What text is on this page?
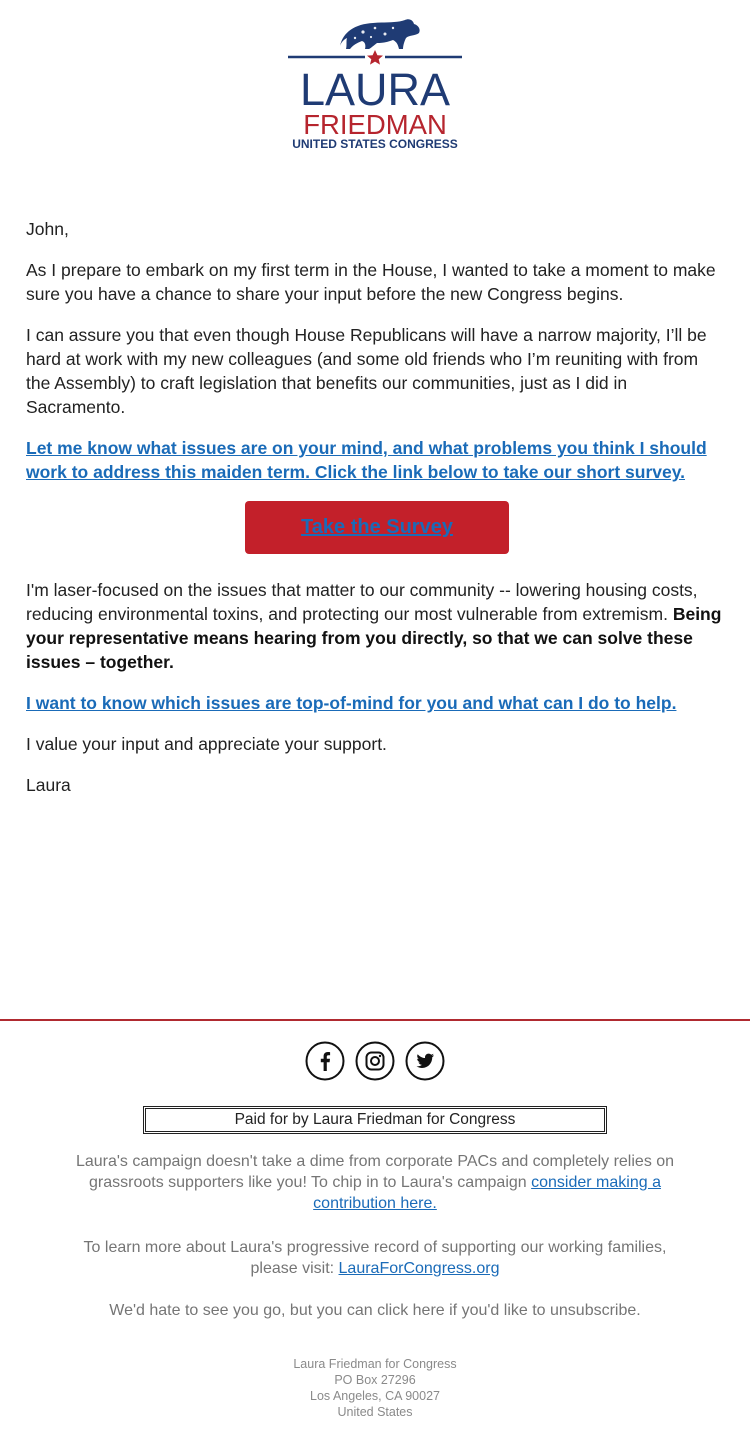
LAURA
FRIEDMAN
UNITED STATES CONGRESS

John,

As I prepare to embark on my first term in the House, I wanted to take a moment to make sure you have a chance to share your input before the new Congress begins.

I can assure you that even though House Republicans will have a narrow majority, I’ll be hard at work with my new colleagues (and some old friends who I’m reuniting with from the Assembly) to craft legislation that benefits our communities, just as I did in Sacramento.

Let me know what issues are on your mind, and what problems you think I should work to address this maiden term. Click the link below to take our short survey.

Take the Survey

I'm laser-focused on the issues that matter to our community -- lowering housing costs, reducing environmental toxins, and protecting our most vulnerable from extremism. Being your representative means hearing from you directly, so that we can solve these issues – together.

I want to know which issues are top-of-mind for you and what can I do to help.

I value your input and appreciate your support.

Laura

Paid for by Laura Friedman for Congress
Laura's campaign doesn't take a dime from corporate PACs and completely relies on grassroots supporters like you! To chip in to Laura's campaign consider making a contribution here.
To learn more about Laura's progressive record of supporting our working families, please visit: LauraForCongress.org
We'd hate to see you go, but you can click here if you'd like to unsubscribe.
Laura Friedman for Congress
PO Box 27296
Los Angeles, CA 90027
United States
